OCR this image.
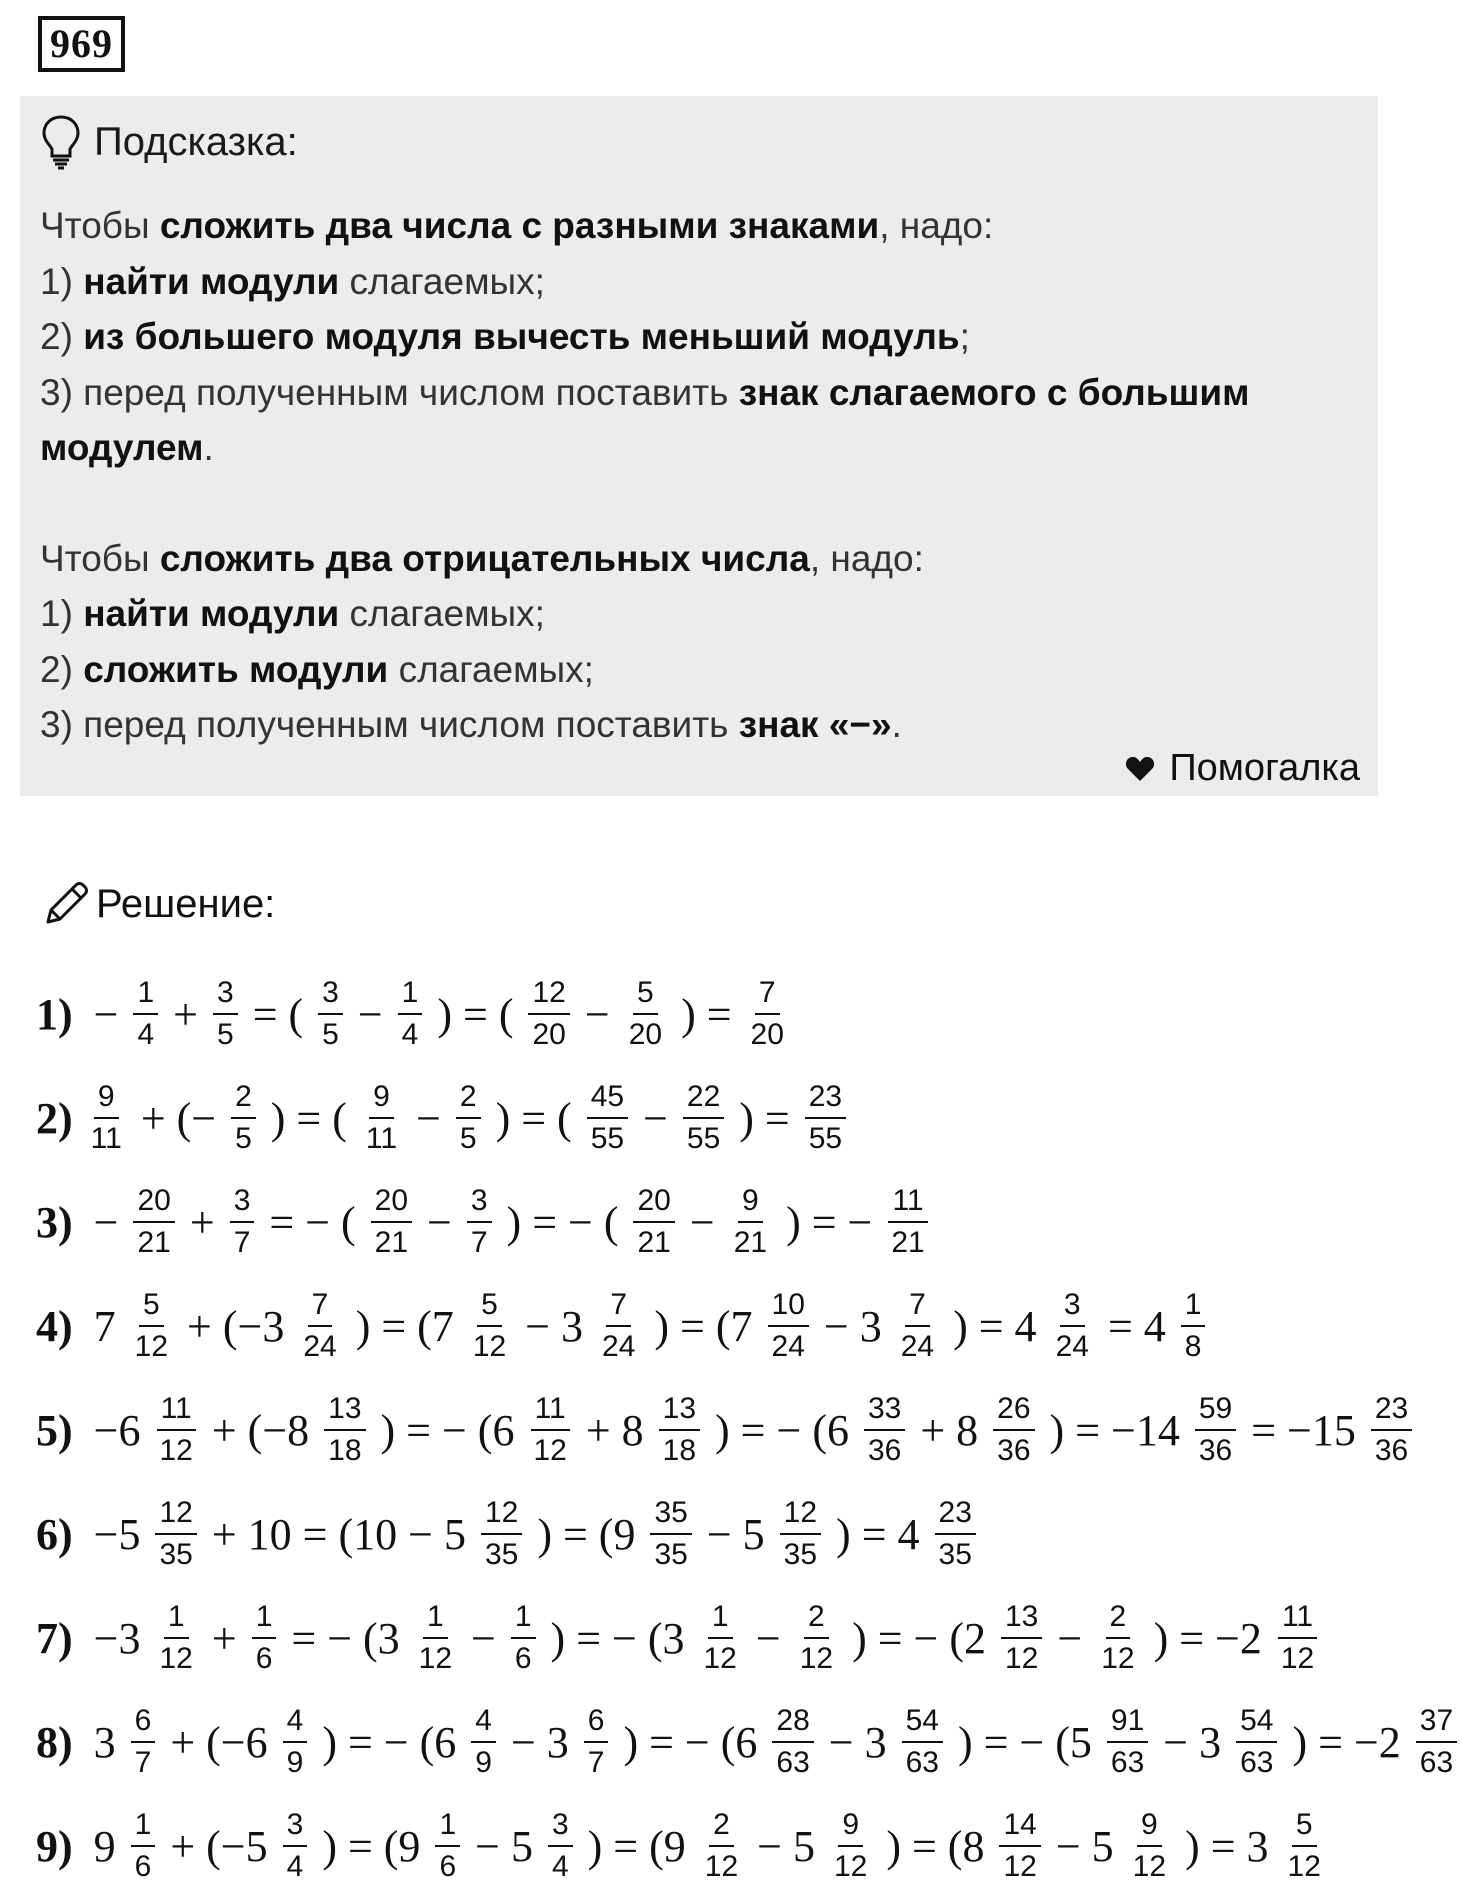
969
Подсказка:
Чтобы сложить два числа с разными знаками, надо:
1) найти модули слагаемых;
2) из большего модуля вычесть меньший модуль;
3) перед полученным числом поставить знак слагаемого с большим модулем.
Чтобы сложить два отрицательных числа, надо:
1) найти модули слагаемых;
2) сложить модули слагаемых;
3) перед полученным числом поставить знак «−».
Помогалка
Решение:
$1) - \frac{1}{4} + \frac{3}{5}$ = ( $\frac{3}{5} - \frac{1}{4}$ ) = ( $\frac{12}{20} - \frac{5}{20}$ ) = $\frac{7}{20}$
$2) \frac{9}{11}$ + (− $\frac{2}{5}$ ) = ( $\frac{9}{11} - \frac{2}{5}$ ) = ( $\frac{45}{55} - \frac{22}{55}$ ) = $\frac{23}{55}$
$3) - \frac{20}{21} + \frac{3}{7}$ = − ( $\frac{20}{21} - \frac{3}{7}$ ) = − ( $\frac{20}{21} - \frac{9}{21}$ ) = − $\frac{11}{21}$
4) $7 \frac{5}{12} + (-3 \frac{7}{24}$ ) = ($7 \frac{5}{12} - 3 \frac{7}{24}$ ) = ($7 \frac{10}{24} - 3 \frac{7}{24}$ ) = $4 \frac{3}{24} = 4 \frac{1}{8}$
$5) -6 \frac{11}{12} + (-8 \frac{13}{18}$ ) = − ($6 \frac{11}{12} + 8 \frac{13}{18}$ ) = − ($6 \frac{33}{36} + 8 \frac{26}{36}$ ) = $-14 \frac{59}{36} = -15 \frac{23}{36}$
$6) -5 \frac{12}{35} + 10 = (10 - 5 \frac{12}{35}$ ) = ($9 \frac{35}{35} - 5 \frac{12}{35}$ ) = $4 \frac{23}{35}$
$7) -3 \frac{1}{12} + \frac{1}{6}$ = − ($3 \frac{1}{12} - \frac{1}{6}$ ) = − ($3 \frac{1}{12} - \frac{2}{12}$ ) = − ($2 \frac{13}{12} - \frac{2}{12}$ ) = $-2 \frac{11}{12}$
8) $3 \frac{6}{7} + (-6 \frac{4}{9}$ ) = − ($6 \frac{4}{9} - 3 \frac{6}{7}$ ) = − ($6 \frac{28}{63} - 3 \frac{54}{63}$ ) = − ($5 \frac{91}{63} - 3 \frac{54}{63}$ ) = $-2 \frac{37}{63}$
9) $9 \frac{1}{6} + (-5 \frac{3}{4}$ ) = ($9 \frac{1}{6} - 5 \frac{3}{4}$ ) = ($9 \frac{2}{12} - 5 \frac{9}{12}$ ) = ($8 \frac{14}{12} - 5 \frac{9}{12}$ ) = $3 \frac{5}{12}$
